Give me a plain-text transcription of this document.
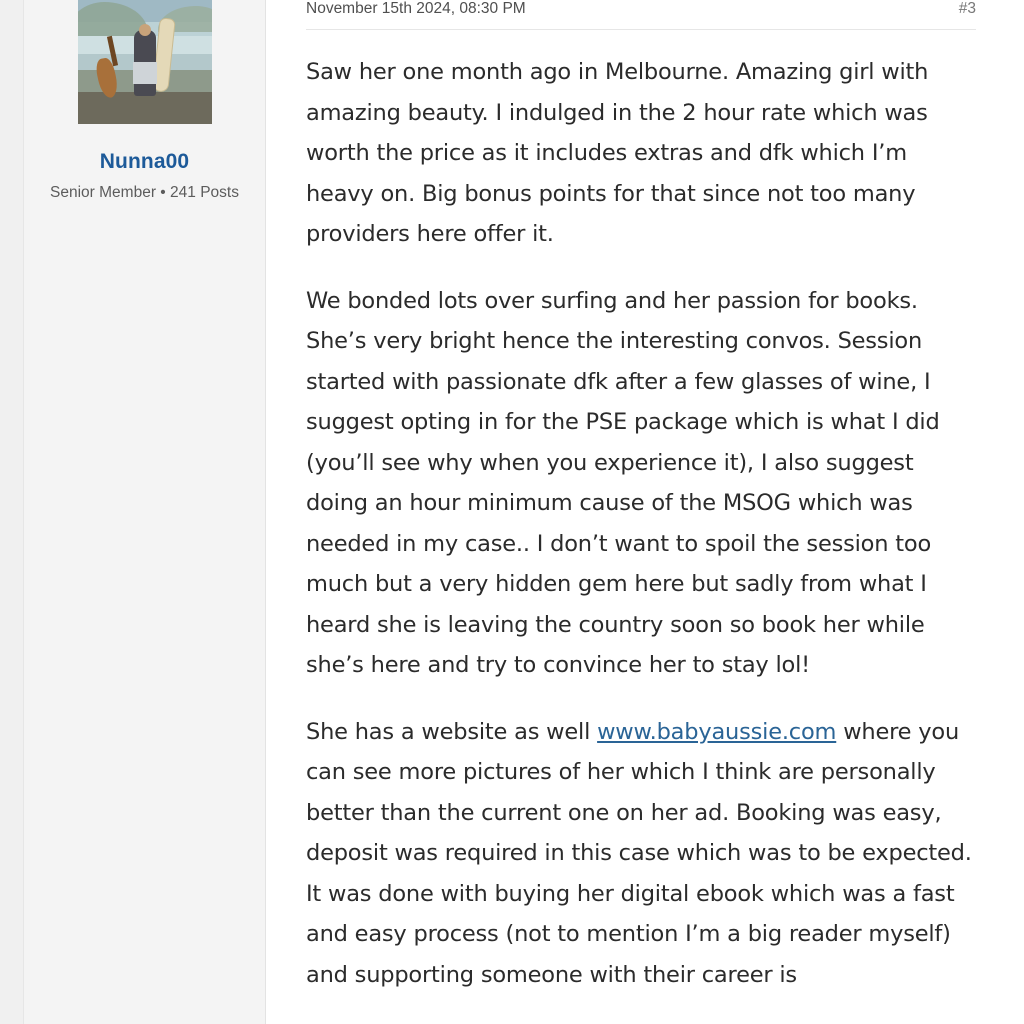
Nunna00
Senior Member • 241 Posts
November 15th 2024, 08:30 PM	#3

Saw her one month ago in Melbourne. Amazing girl with amazing beauty. I indulged in the 2 hour rate which was worth the price as it includes extras and dfk which I’m heavy on. Big bonus points for that since not too many providers here offer it.

We bonded lots over surfing and her passion for books. She’s very bright hence the interesting convos. Session started with passionate dfk after a few glasses of wine, I suggest opting in for the PSE package which is what I did (you’ll see why when you experience it), I also suggest doing an hour minimum cause of the MSOG which was needed in my case.. I don’t want to spoil the session too much but a very hidden gem here but sadly from what I heard she is leaving the country soon so book her while she’s here and try to convince her to stay lol!

She has a website as well www.babyaussie.com where you can see more pictures of her which I think are personally better than the current one on her ad. Booking was easy, deposit was required in this case which was to be expected. It was done with buying her digital ebook which was a fast and easy process (not to mention I’m a big reader myself) and supporting someone with their career is
